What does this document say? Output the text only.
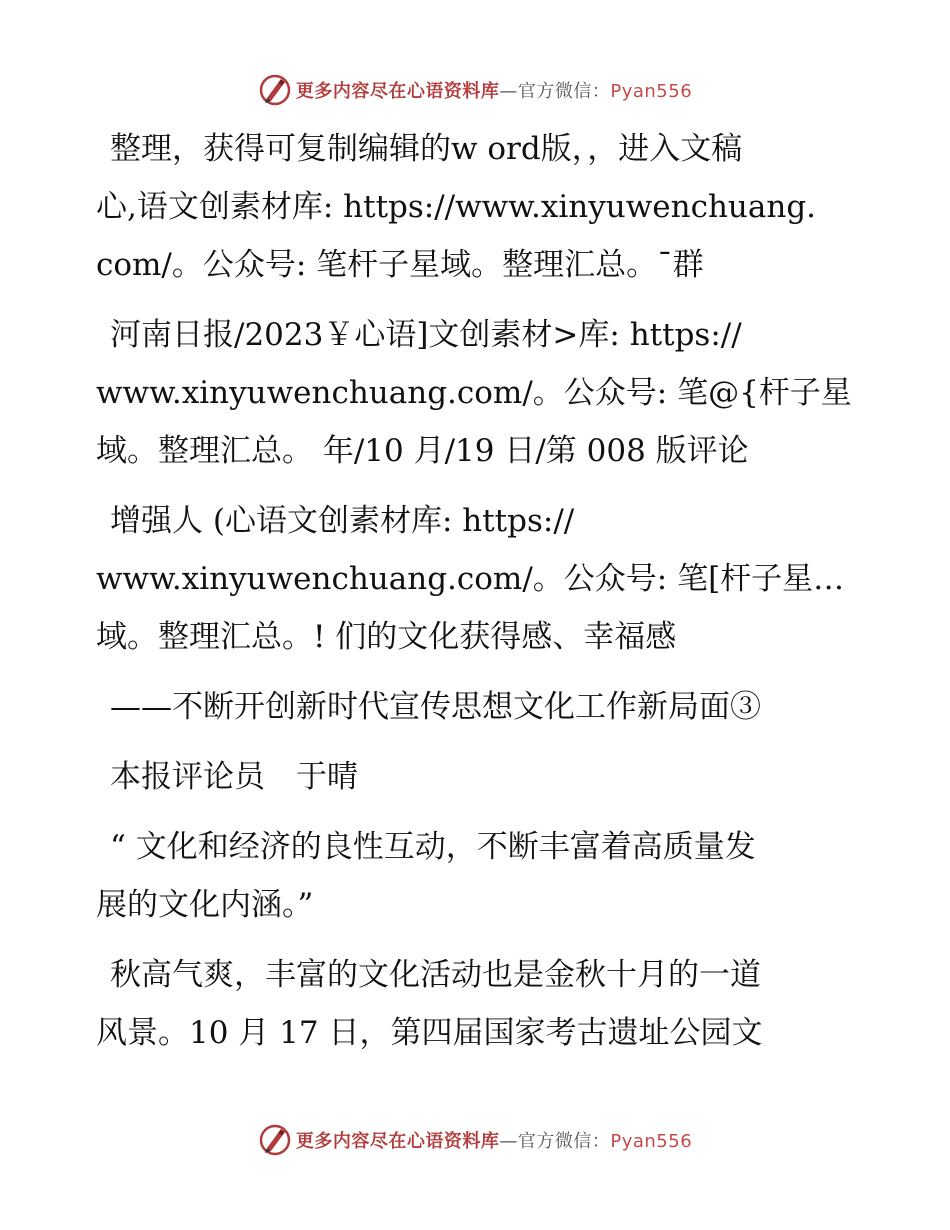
更多内容尽在心语资料库—官方微信：Pyan556
整理，获得可复制编辑的w ord版，，进入文稿
心,语文创素材库: https://www.xinyuwenchuang.
com/。公众号: 笔杆子星域。整理汇总。¯群
河南日报/2023￥心语]文创素材>库: https://
www.xinyuwenchuang.com/。公众号: 笔@{杆子星
域。整理汇总。 年/10 月/19 日/第 008 版评论
增强人 (心语文创素材库: https://
www.xinyuwenchuang.com/。公众号: 笔[杆子星…
域。整理汇总。! 们的文化获得感、幸福感
——不断开创新时代宣传思想文化工作新局面③
本报评论员　于晴
“ 文化和经济的良性互动，不断丰富着高质量发
展的文化内涵。”
秋高气爽，丰富的文化活动也是金秋十月的一道
风景。10 月 17 日，第四届国家考古遗址公园文
更多内容尽在心语资料库—官方微信：Pyan556
